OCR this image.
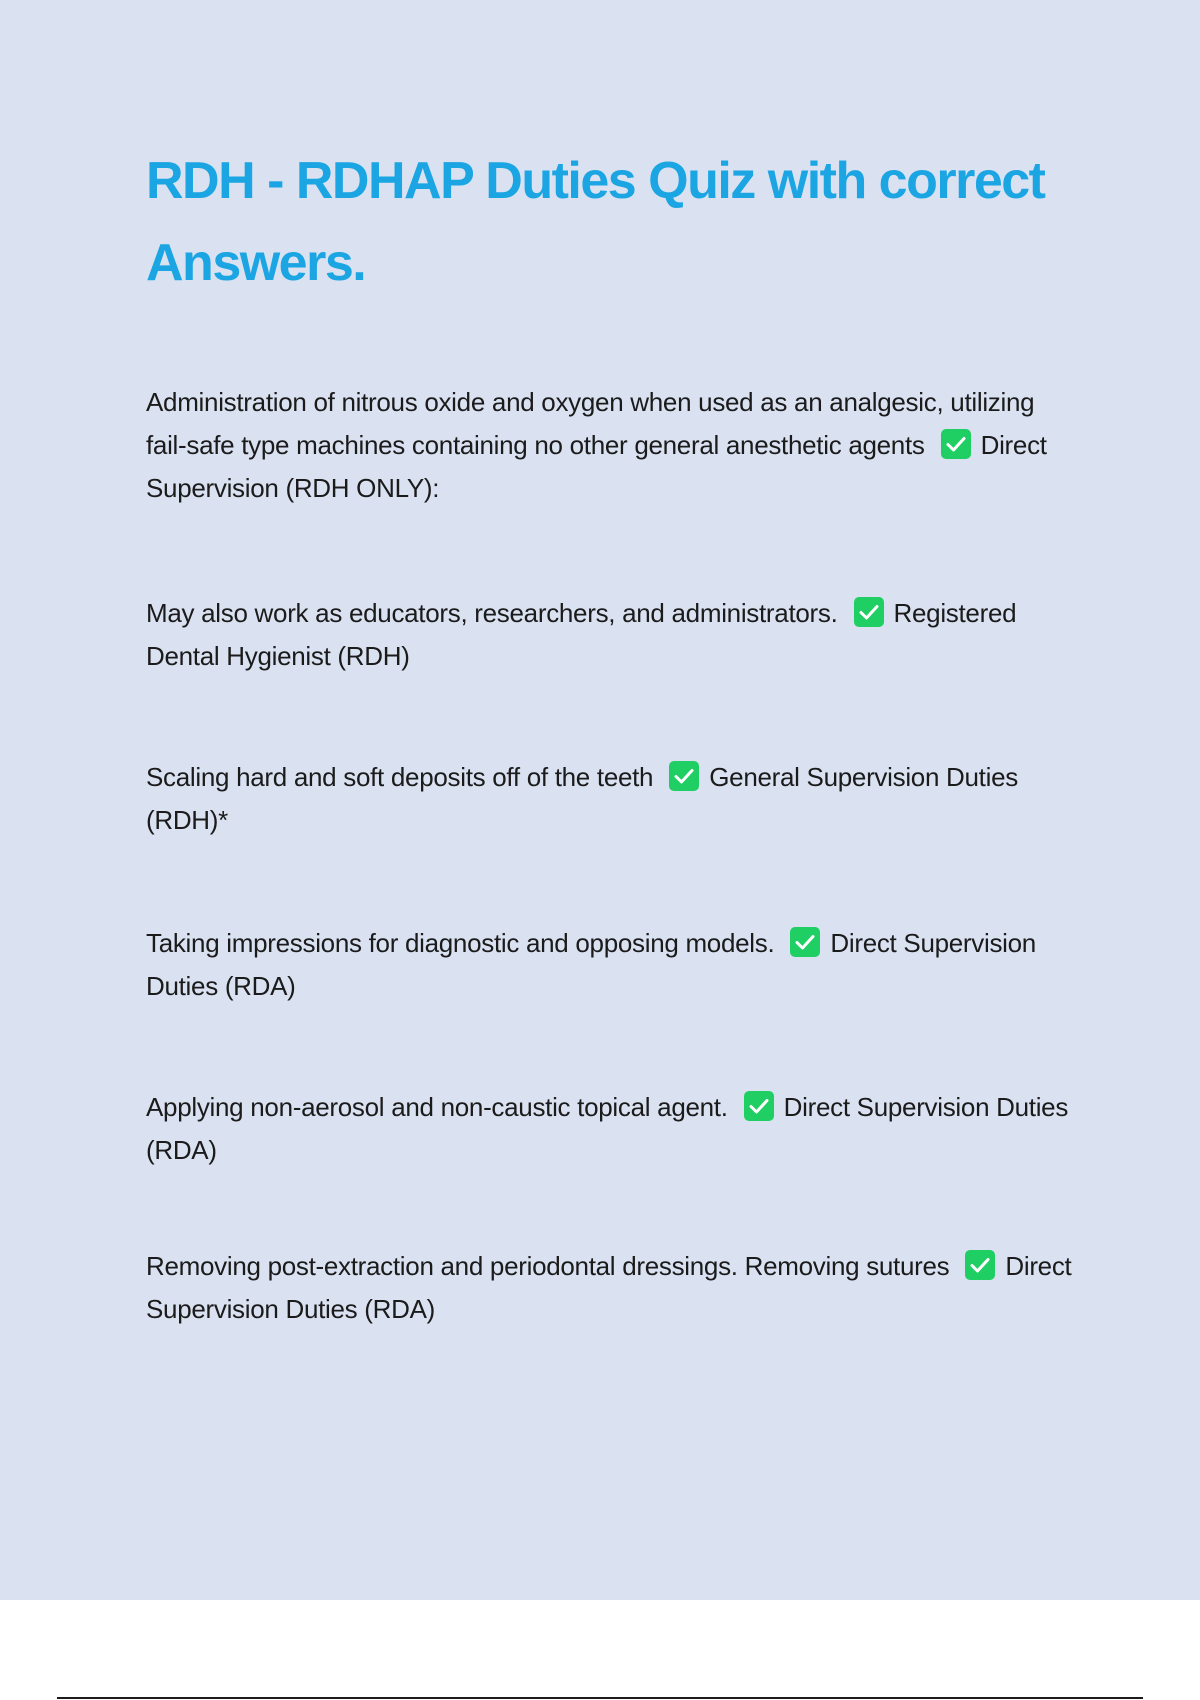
RDH - RDHAP Duties Quiz with correct Answers.

Administration of nitrous oxide and oxygen when used as an analgesic, utilizing fail-safe type machines containing no other general anesthetic agents Direct Supervision (RDH ONLY):

May also work as educators, researchers, and administrators. Registered Dental Hygienist (RDH)

Scaling hard and soft deposits off of the teeth General Supervision Duties (RDH)*

Taking impressions for diagnostic and opposing models. Direct Supervision Duties (RDA)

Applying non-aerosol and non-caustic topical agent. Direct Supervision Duties (RDA)

Removing post-extraction and periodontal dressings. Removing sutures Direct Supervision Duties (RDA)
